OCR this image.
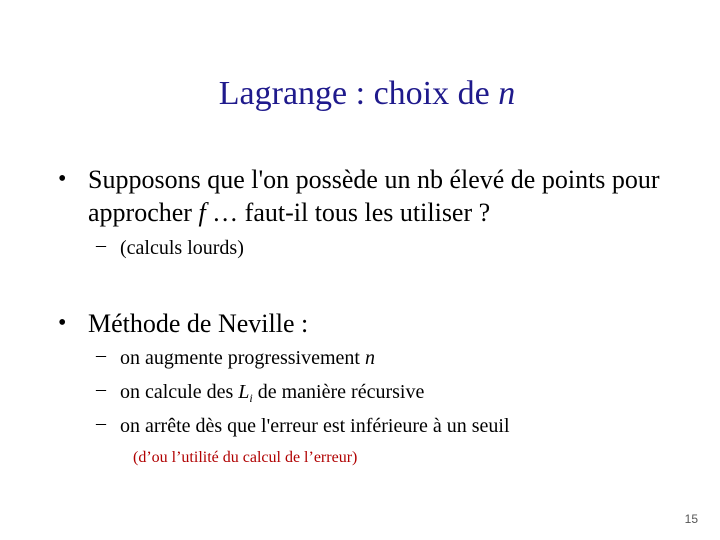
Lagrange : choix de n
• Supposons que l'on possède un nb élevé de points pour
approcher f … faut-il tous les utiliser ?
– (calculs lourds)
• Méthode de Neville :
– on augmente progressivement n
– on calcule des $L_i$ de manière récursive
– on arrête dès que l'erreur est inférieure à un seuil
(d’ou l’utilité du calcul de l’erreur)
15
